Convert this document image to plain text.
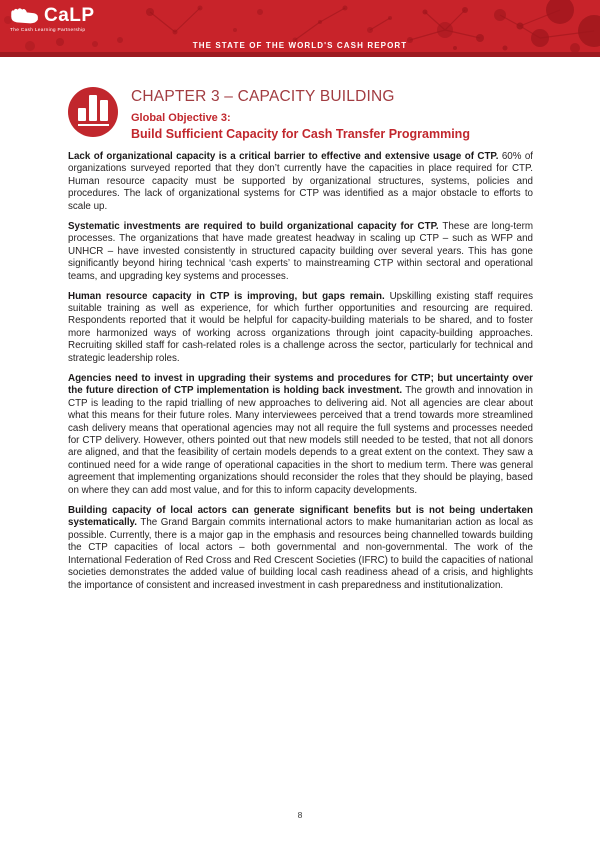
CaLP
The Cash Learning Partnership
THE STATE OF THE WORLD'S CASH REPORT
CHAPTER 3 – CAPACITY BUILDING
Global Objective 3:
Build Sufficient Capacity for Cash Transfer Programming

Lack of organizational capacity is a critical barrier to effective and extensive usage of CTP. 60% of organizations surveyed reported that they don’t currently have the capacities in place required for CTP. Human resource capacity must be supported by organizational structures, systems, policies and procedures. The lack of organizational systems for CTP was identified as a major obstacle to efforts to scale up.

Systematic investments are required to build organizational capacity for CTP. These are long-term processes. The organizations that have made greatest headway in scaling up CTP – such as WFP and UNHCR – have invested consistently in structured capacity building over several years. This has gone significantly beyond hiring technical ‘cash experts’ to mainstreaming CTP within sectoral and operational teams, and upgrading key systems and processes.

Human resource capacity in CTP is improving, but gaps remain. Upskilling existing staff requires suitable training as well as experience, for which further opportunities and resourcing are required. Respondents reported that it would be helpful for capacity-building materials to be shared, and to foster more harmonized ways of working across organizations through joint capacity-building approaches. Recruiting skilled staff for cash-related roles is a challenge across the sector, particularly for technical and strategic leadership roles.

Agencies need to invest in upgrading their systems and procedures for CTP; but uncertainty over the future direction of CTP implementation is holding back investment. The growth and innovation in CTP is leading to the rapid trialling of new approaches to delivering aid. Not all agencies are clear about what this means for their future roles. Many interviewees perceived that a trend towards more streamlined cash delivery means that operational agencies may not all require the full systems and processes needed for CTP delivery. However, others pointed out that new models still needed to be tested, that not all donors are aligned, and that the feasibility of certain models depends to a great extent on the context. They saw a continued need for a wide range of operational capacities in the short to medium term. There was general agreement that implementing organizations should reconsider the roles that they should be playing, based on where they can add most value, and for this to inform capacity developments.

Building capacity of local actors can generate significant benefits but is not being undertaken systematically. The Grand Bargain commits international actors to make humanitarian action as local as possible. Currently, there is a major gap in the emphasis and resources being channelled towards building the CTP capacities of local actors – both governmental and non-governmental. The work of the International Federation of Red Cross and Red Crescent Societies (IFRC) to build the capacities of national societies demonstrates the added value of building local cash readiness ahead of a crisis, and highlights the importance of consistent and increased investment in cash preparedness and institutionalization.

8
